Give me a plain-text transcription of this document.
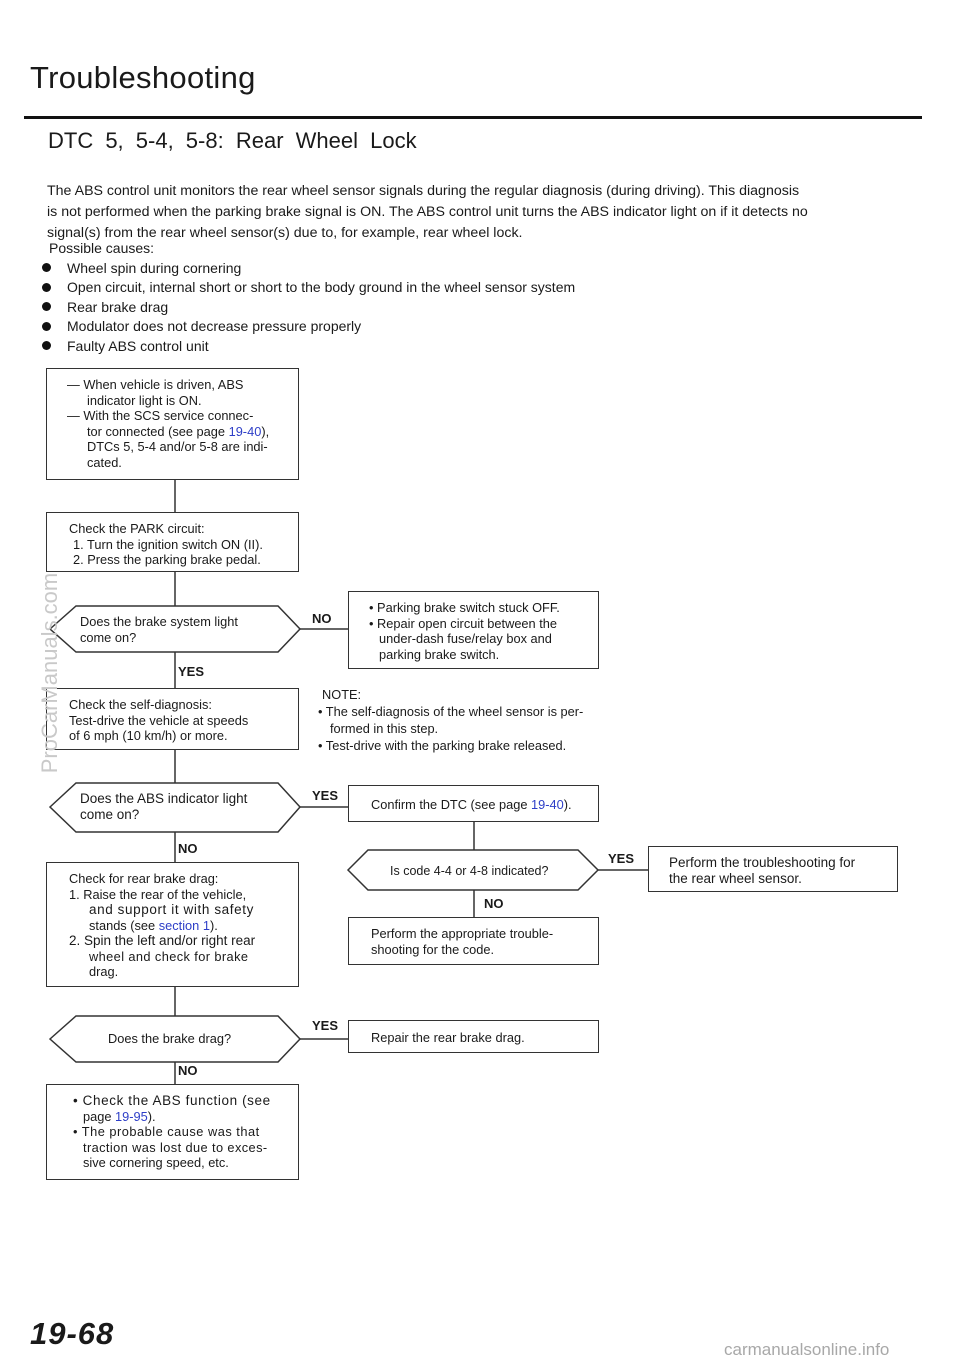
Troubleshooting
DTC 5, 5-4, 5-8: Rear Wheel Lock
The ABS control unit monitors the rear wheel sensor signals during the regular diagnosis (during driving). This diagnosis
is not performed when the parking brake signal is ON. The ABS control unit turns the ABS indicator light on if it detects no
signal(s) from the rear wheel sensor(s) due to, for example, rear wheel lock.
Possible causes:
Wheel spin during cornering
Open circuit, internal short or short to the body ground in the wheel sensor system
Rear brake drag
Modulator does not decrease pressure properly
Faulty ABS control unit
— When vehicle is driven, ABS

indicator light is ON.
— With the SCS service connec-

tor connected (see page 19-40),
DTCs 5, 5-4 and/or 5-8 are indi-
cated.
Check the PARK circuit:
1. Turn the ignition switch ON (II).
2. Press the parking brake pedal.
Does the brake system light
come on?
NO
• Parking brake switch stuck OFF.
• Repair open circuit between the
under-dash fuse/relay box and
parking brake switch.
YES
Check the self-diagnosis:
Test-drive the vehicle at speeds
of 6 mph (10 km/h) or more.
NOTE:
• The self-diagnosis of the wheel sensor is per-
formed in this step.
• Test-drive with the parking brake released.
Does the ABS indicator light
come on?
YES
Confirm the DTC (see page 19-40).
NO
Is code 4-4 or 4-8 indicated?
YES	Perform the troubleshooting for
the rear wheel sensor.
NO
Perform the appropriate trouble-
shooting for the code.
Check for rear brake drag:
1. Raise the rear of the vehicle,
and support it with safety
stands (see section 1).
2. Spin the left and/or right rear
wheel and check for brake
drag.
Does the brake drag?
YES
Repair the rear brake drag.
NO
• Check the ABS function (see
page 19-95).
• The probable cause was that
traction was lost due to exces-
sive cornering speed, etc.
ProCarManuals.com
19-68	carmanualsonline.info
